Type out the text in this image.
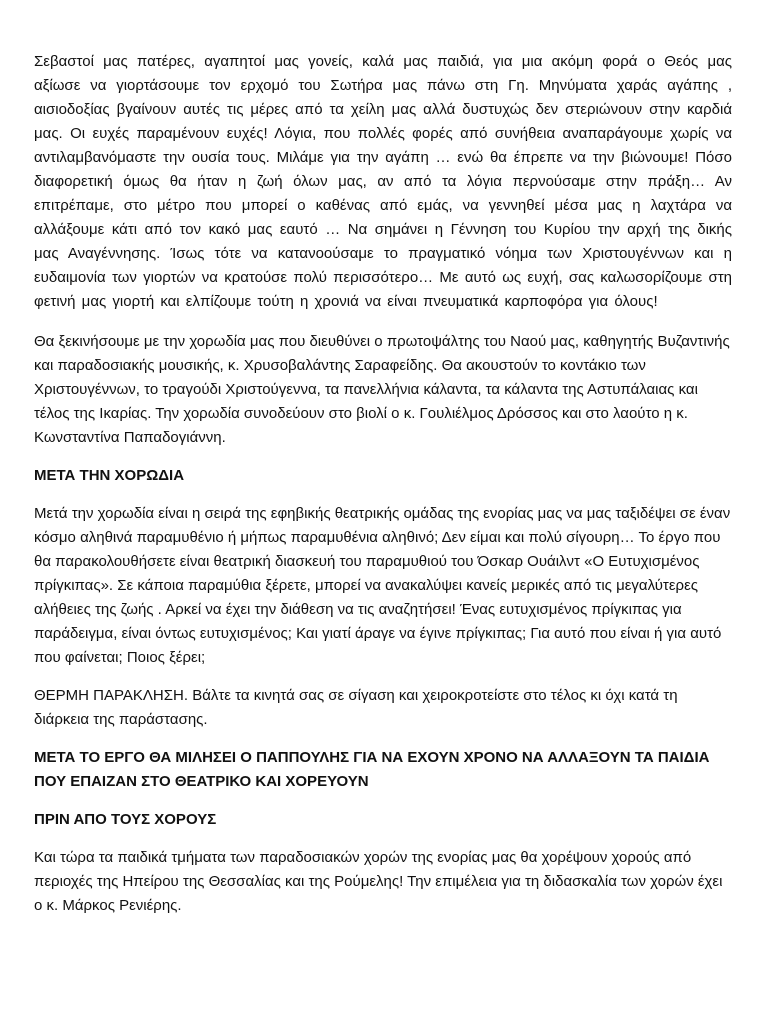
Σεβαστοί μας πατέρες, αγαπητοί μας γονείς, καλά μας παιδιά, για μια ακόμη φορά ο Θεός μας αξίωσε να γιορτάσουμε τον ερχομό του Σωτήρα μας πάνω στη Γη. Μηνύματα χαράς αγάπης , αισιοδοξίας βγαίνουν αυτές τις μέρες από τα χείλη μας αλλά δυστυχώς δεν στεριώνουν στην καρδιά μας. Οι ευχές παραμένουν ευχές! Λόγια, που πολλές φορές από συνήθεια αναπαράγουμε χωρίς να αντιλαμβανόμαστε την ουσία τους. Μιλάμε για την αγάπη … ενώ θα έπρεπε να την βιώνουμε! Πόσο διαφορετική όμως θα ήταν η ζωή όλων μας, αν από τα λόγια περνούσαμε στην πράξη… Αν επιτρέπαμε, στο μέτρο που μπορεί ο καθένας από εμάς, να γεννηθεί μέσα μας η λαχτάρα να αλλάξουμε κάτι από τον κακό μας εαυτό … Να σημάνει η Γέννηση του Κυρίου την αρχή της δικής μας Αναγέννησης. Ίσως τότε να κατανοούσαμε το πραγματικό νόημα των Χριστουγέννων και η ευδαιμονία των γιορτών να κρατούσε πολύ περισσότερο… Με αυτό ως ευχή, σας καλωσορίζουμε στη φετινή μας γιορτή και ελπίζουμε τούτη η χρονιά να είναι πνευματικά καρποφόρα για όλους!

Θα ξεκινήσουμε με την χορωδία μας που διευθύνει ο πρωτοψάλτης του Ναού μας, καθηγητής Βυζαντινής και παραδοσιακής μουσικής, κ. Χρυσοβαλάντης Σαραφείδης. Θα ακουστούν το κοντάκιο των Χριστουγέννων, το τραγούδι Χριστούγεννα, τα πανελλήνια κάλαντα, τα κάλαντα της Αστυπάλαιας και τέλος της Ικαρίας. Την χορωδία συνοδεύουν στο βιολί ο κ. Γουλιέλμος Δρόσσος και στο λαούτο η κ. Κωνσταντίνα Παπαδογιάννη.

ΜΕΤΑ ΤΗΝ ΧΟΡΩΔΙΑ

Μετά την χορωδία είναι η σειρά της εφηβικής θεατρικής ομάδας της ενορίας μας να μας ταξιδέψει σε έναν κόσμο αληθινά παραμυθένιο ή μήπως παραμυθένια αληθινό; Δεν είμαι και πολύ σίγουρη… Το έργο που θα παρακολουθήσετε είναι θεατρική διασκευή του παραμυθιού του Όσκαρ Ουάιλντ «Ο Ευτυχισμένος πρίγκιπας». Σε κάποια παραμύθια ξέρετε, μπορεί να ανακαλύψει κανείς μερικές από τις μεγαλύτερες αλήθειες της ζωής . Αρκεί να έχει την διάθεση να τις αναζητήσει! Ένας ευτυχισμένος πρίγκιπας για παράδειγμα, είναι όντως ευτυχισμένος; Και γιατί άραγε να έγινε πρίγκιπας; Για αυτό που είναι ή για αυτό που φαίνεται; Ποιος ξέρει;

ΘΕΡΜΗ ΠΑΡΑΚΛΗΣΗ. Βάλτε τα κινητά σας σε σίγαση και χειροκροτείστε στο τέλος κι όχι κατά τη διάρκεια της παράστασης.

ΜΕΤΑ ΤΟ ΕΡΓΟ ΘΑ ΜΙΛΗΣΕΙ Ο ΠΑΠΠΟΥΛΗΣ ΓΙΑ ΝΑ ΕΧΟΥΝ ΧΡΟΝΟ ΝΑ ΑΛΛΑΞΟΥΝ ΤΑ ΠΑΙΔΙΑ ΠΟΥ ΕΠΑΙΖΑΝ ΣΤΟ ΘΕΑΤΡΙΚΟ ΚΑΙ ΧΟΡΕΥΟΥΝ

ΠΡΙΝ ΑΠΟ ΤΟΥΣ ΧΟΡΟΥΣ

Και τώρα τα παιδικά τμήματα των παραδοσιακών χορών της ενορίας μας θα χορέψουν χορούς από περιοχές της Ηπείρου της Θεσσαλίας και της Ρούμελης! Την επιμέλεια για τη διδασκαλία των χορών έχει ο κ. Μάρκος Ρενιέρης.
